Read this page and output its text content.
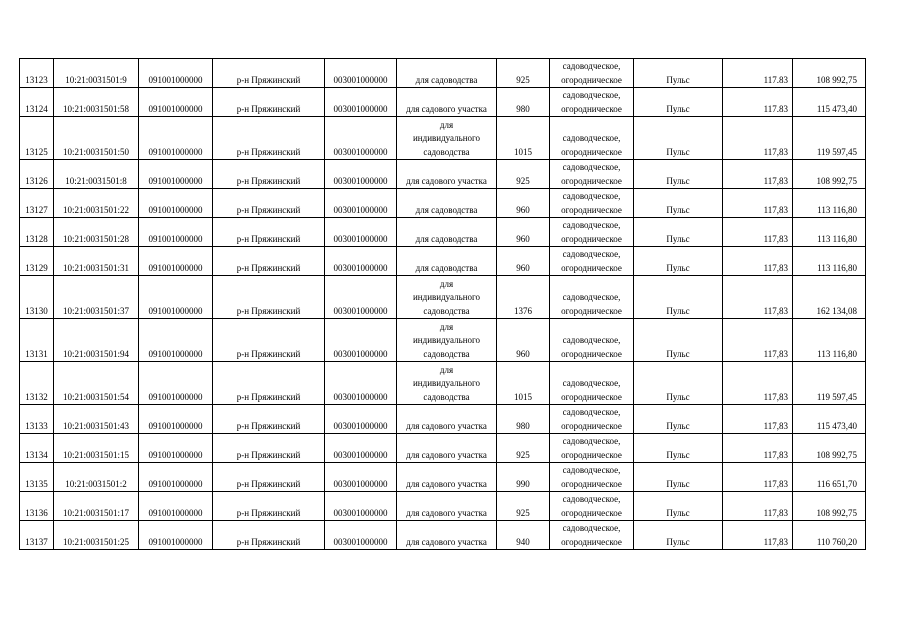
13123	10:21:0031501:9	091001000000	р-н Пряжинский	003001000000	для садоводства	925	садоводческое,
огородническое	Пульс	117.83	108 992,75
13124	10:21:0031501:58	091001000000	р-н Пряжинский	003001000000	для садового участка	980	садоводческое,
огородническое	Пульс	117.83	115 473,40
13125	10:21:0031501:50	091001000000	р-н Пряжинский	003001000000	для
индивидуального
садоводства	1015	садоводческое,
огородническое	Пульс	117,83	119 597,45
13126	10:21:0031501:8	091001000000	р-н Пряжинский	003001000000	для садового участка	925	садоводческое,
огородническое	Пульс	117,83	108 992,75
13127	10:21:0031501:22	091001000000	р-н Пряжинский	003001000000	для садоводства	960	садоводческое,
огородническое	Пульс	117,83	113 116,80
13128	10:21:0031501:28	091001000000	р-н Пряжинский	003001000000	для садоводства	960	садоводческое,
огородническое	Пульс	117,83	113 116,80
13129	10:21:0031501:31	091001000000	р-н Пряжинский	003001000000	для садоводства	960	садоводческое,
огородническое	Пульс	117,83	113 116,80
13130	10:21:0031501:37	091001000000	р-н Пряжинский	003001000000	для
индивидуального
садоводства	1376	садоводческое,
огородническое	Пульс	117,83	162 134,08
13131	10:21:0031501:94	091001000000	р-н Пряжинский	003001000000	для
индивидуального
садоводства	960	садоводческое,
огородническое	Пульс	117,83	113 116,80
13132	10:21:0031501:54	091001000000	р-н Пряжинский	003001000000	для
индивидуального
садоводства	1015	садоводческое,
огородническое	Пульс	117,83	119 597,45
13133	10:21:0031501:43	091001000000	р-н Пряжинский	003001000000	для садового участка	980	садоводческое,
огородническое	Пульс	117,83	115 473,40
13134	10:21:0031501:15	091001000000	р-н Пряжинский	003001000000	для садового участка	925	садоводческое,
огородническое	Пульс	117,83	108 992,75
13135	10:21:0031501:2	091001000000	р-н Пряжинский	003001000000	для садового участка	990	садоводческое,
огородническое	Пульс	117,83	116 651,70
13136	10:21:0031501:17	091001000000	р-н Пряжинский	003001000000	для садового участка	925	садоводческое,
огородническое	Пульс	117,83	108 992,75
13137	10:21:0031501:25	091001000000	р-н Пряжинский	003001000000	для садового участка	940	садоводческое,
огородническое	Пульс	117,83	110 760,20
